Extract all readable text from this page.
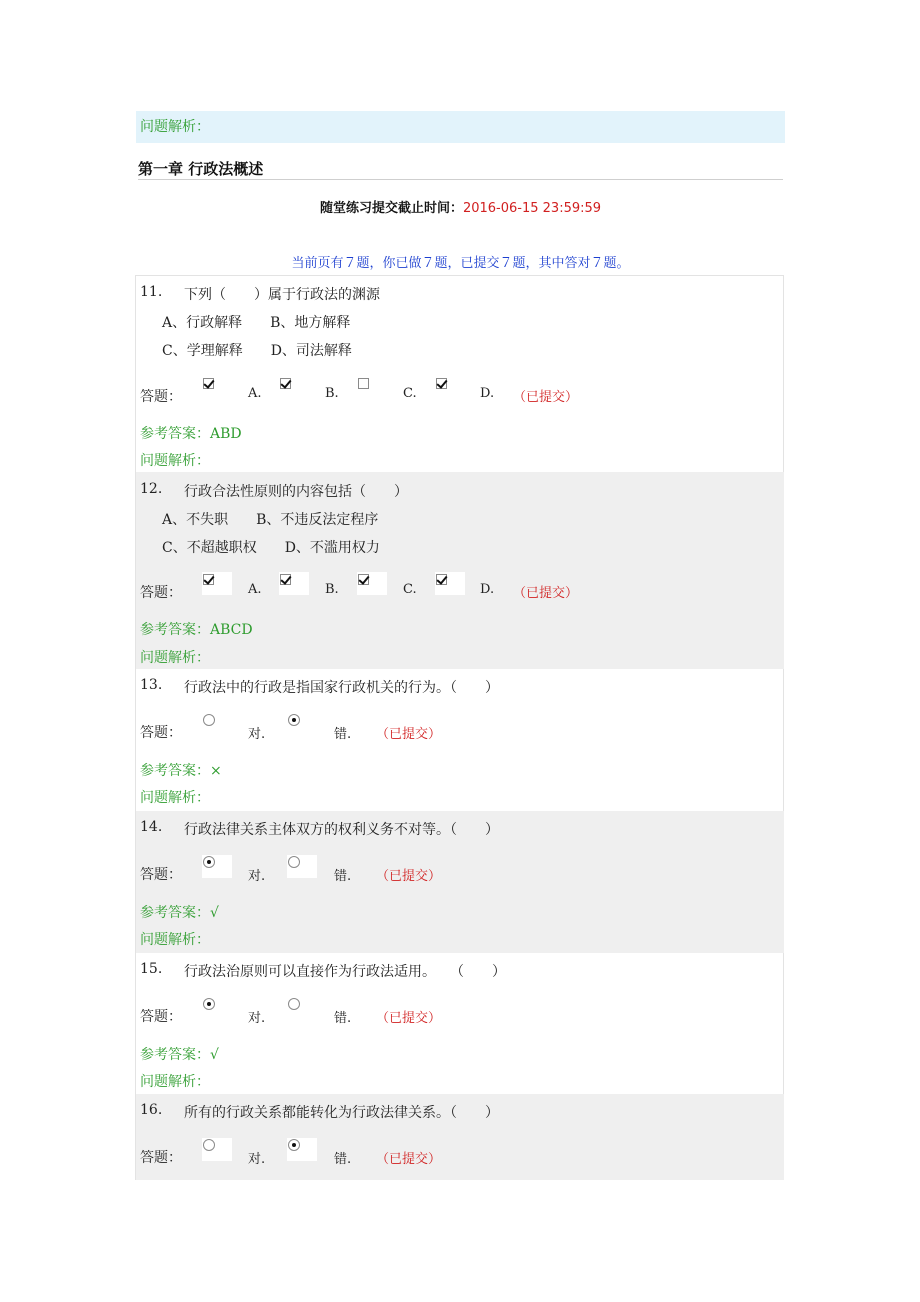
问题解析：
第一章 行政法概述
随堂练习提交截止时间：2016-06-15 23:59:59
当前页有７题，你已做７题，已提交７题，其中答对７题。
11. 下列（　　）属于行政法的渊源
A、行政解释　　B、地方解释
C、学理解释　　D、司法解释
答题：	A.	B.	C.	D. （已提交）
参考答案：ABD
问题解析：
12. 行政合法性原则的内容包括（　　）
A、不失职　　B、不违反法定程序
C、不超越职权　　D、不滥用权力
答题：	A.	B.	C.	D. （已提交）
参考答案：ABCD
问题解析：
13. 行政法中的行政是指国家行政机关的行为。（　　）
答题：	对.	错. （已提交）
参考答案：×
问题解析：
14. 行政法律关系主体双方的权利义务不对等。（　　）
答题：	对.	错. （已提交）
参考答案：√
问题解析：
15. 行政法治原则可以直接作为行政法适用。　　（　　）
答题：	对.	错. （已提交）
参考答案：√
问题解析：
16. 所有的行政关系都能转化为行政法律关系。（　　）
答题：	对.	错. （已提交）
